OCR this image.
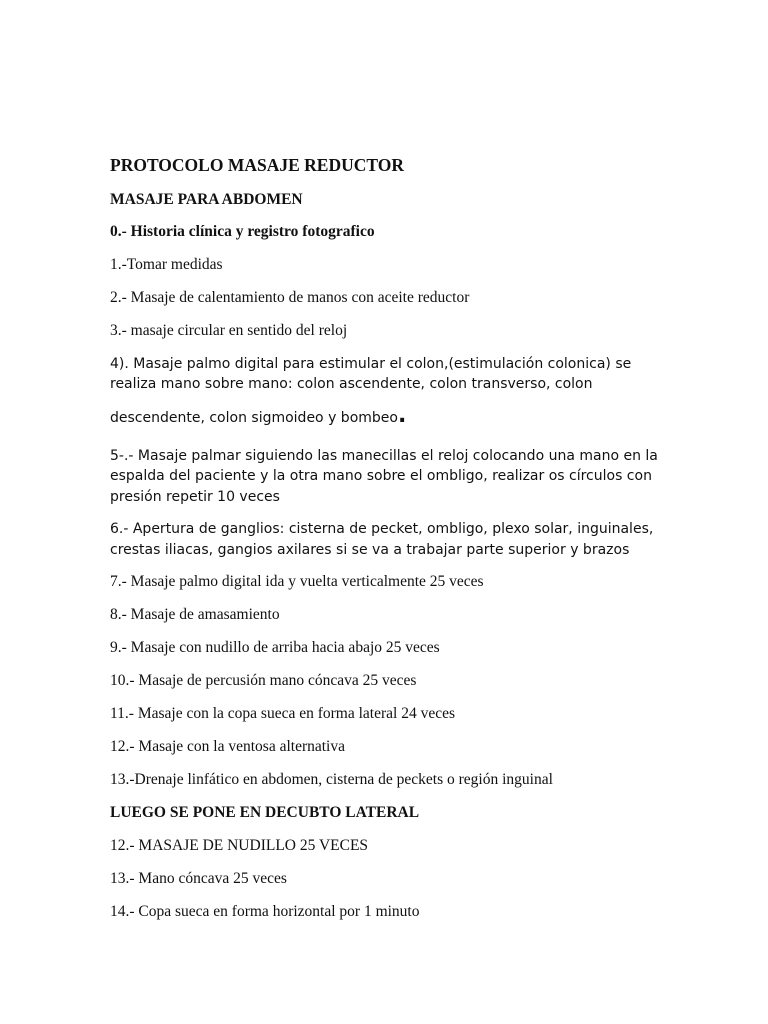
PROTOCOLO MASAJE REDUCTOR
MASAJE PARA ABDOMEN
0.- Historia clínica y registro fotografico
1.-Tomar medidas
2.- Masaje de calentamiento de manos con aceite reductor
3.- masaje circular en sentido del reloj
4). Masaje palmo digital para estimular el colon,(estimulación colonica) se
realiza mano sobre mano: colon ascendente, colon transverso, colon
descendente, colon sigmoideo y bombeo.
5-.- Masaje palmar siguiendo las manecillas el reloj colocando una mano en la
espalda del paciente y la otra mano sobre el ombligo, realizar os círculos con
presión repetir 10 veces
6.- Apertura de ganglios: cisterna de pecket, ombligo, plexo solar, inguinales,
crestas iliacas, gangios axilares si se va a trabajar parte superior y brazos
7.- Masaje palmo digital ida y vuelta verticalmente 25 veces
8.- Masaje de amasamiento
9.- Masaje con nudillo de arriba hacia abajo 25 veces
10.- Masaje de percusión mano cóncava 25 veces
11.- Masaje con la copa sueca en forma lateral 24 veces
12.- Masaje con la ventosa alternativa
13.-Drenaje linfático en abdomen, cisterna de peckets o región inguinal
LUEGO SE PONE EN DECUBTO LATERAL
12.- MASAJE DE NUDILLO 25 VECES
13.- Mano cóncava 25 veces
14.- Copa sueca en forma horizontal por 1 minuto
